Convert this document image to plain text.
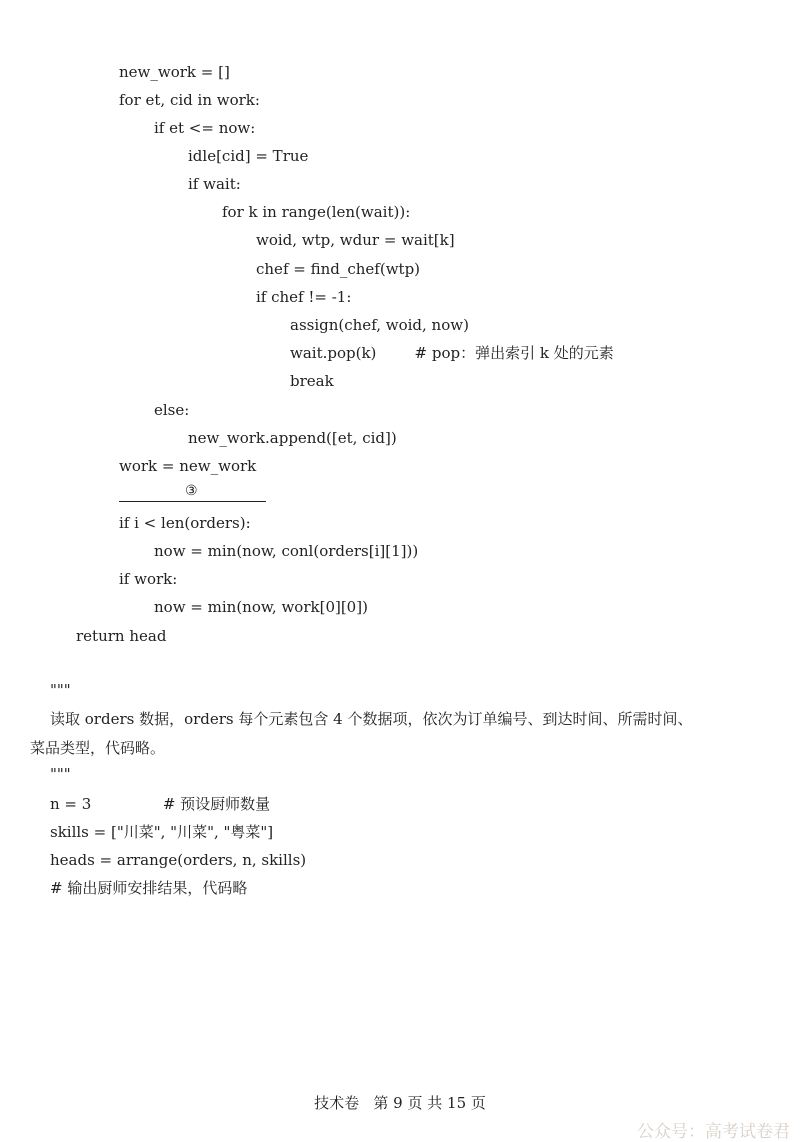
③
技术卷   第 9 页 共 15 页
公众号：高考试卷君
new_work = []
for et, cid in work:
if et <= now:
idle[cid] = True
if wait:
for k in range(len(wait)):
woid, wtp, wdur = wait[k]
chef = find_chef(wtp)
if chef != -1:
assign(chef, woid, now)
wait.pop(k)        # pop：弹出索引 k 处的元素
break
else:
new_work.append([et, cid])
work = new_work
if i < len(orders):
now = min(now, conl(orders[i][1]))
if work:
now = min(now, work[0][0])
return head
"""
读取 orders 数据，orders 每个元素包含 4 个数据项，依次为订单编号、到达时间、所需时间、
菜品类型，代码略。
"""
n = 3               # 预设厨师数量
skills = ["川菜", "川菜", "粤菜"]
heads = arrange(orders, n, skills)
# 输出厨师安排结果，代码略
